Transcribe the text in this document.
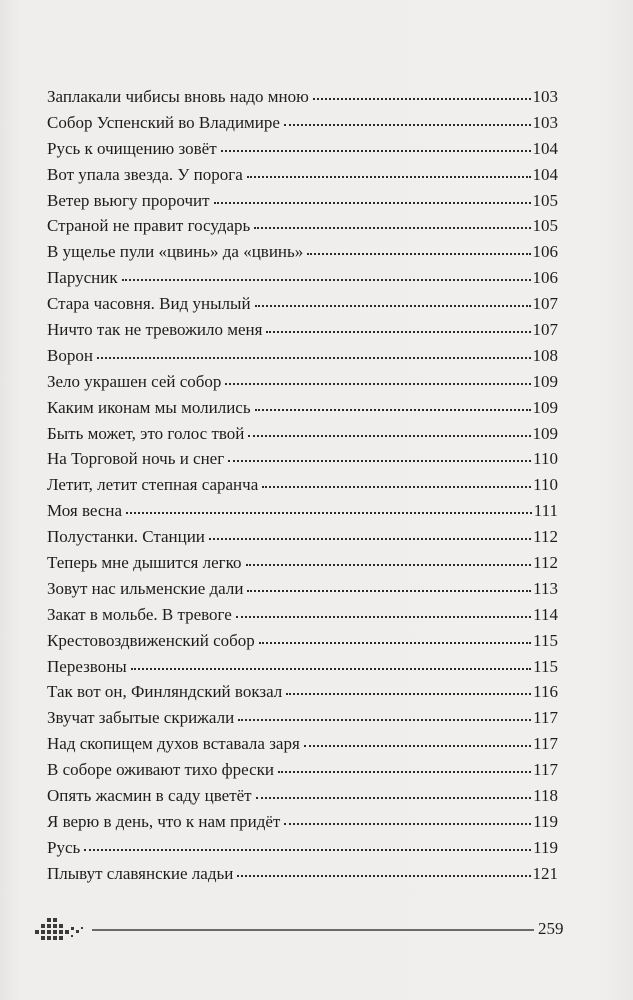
Заплакали чибисы вновь надо мною	103
Собор Успенский во Владимире	103
Русь к очищению зовёт	104
Вот упала звезда. У порога	104
Ветер вьюгу пророчит	105
Страной не правит государь	105
В ущелье пули «цвинь» да «цвинь»	106
Парусник	106
Стара часовня. Вид унылый	107
Ничто так не тревожило меня	107
Ворон	108
Зело украшен сей собор	109
Каким иконам мы молились	109
Быть может, это голос твой	109
На Торговой ночь и снег	110
Летит, летит степная саранча	110
Моя весна	111
Полустанки. Станции	112
Теперь мне дышится легко	112
Зовут нас ильменские дали	113
Закат в мольбе. В тревоге	114
Крестовоздвиженский собор	115
Перезвоны	115
Так вот он, Финляндский вокзал	116
Звучат забытые скрижали	117
Над скопищем духов вставала заря	117
В соборе оживают тихо фрески	117
Опять жасмин в саду цветёт	118
Я верю в день, что к нам придёт	119
Русь	119
Плывут славянские ладьи	121
259
